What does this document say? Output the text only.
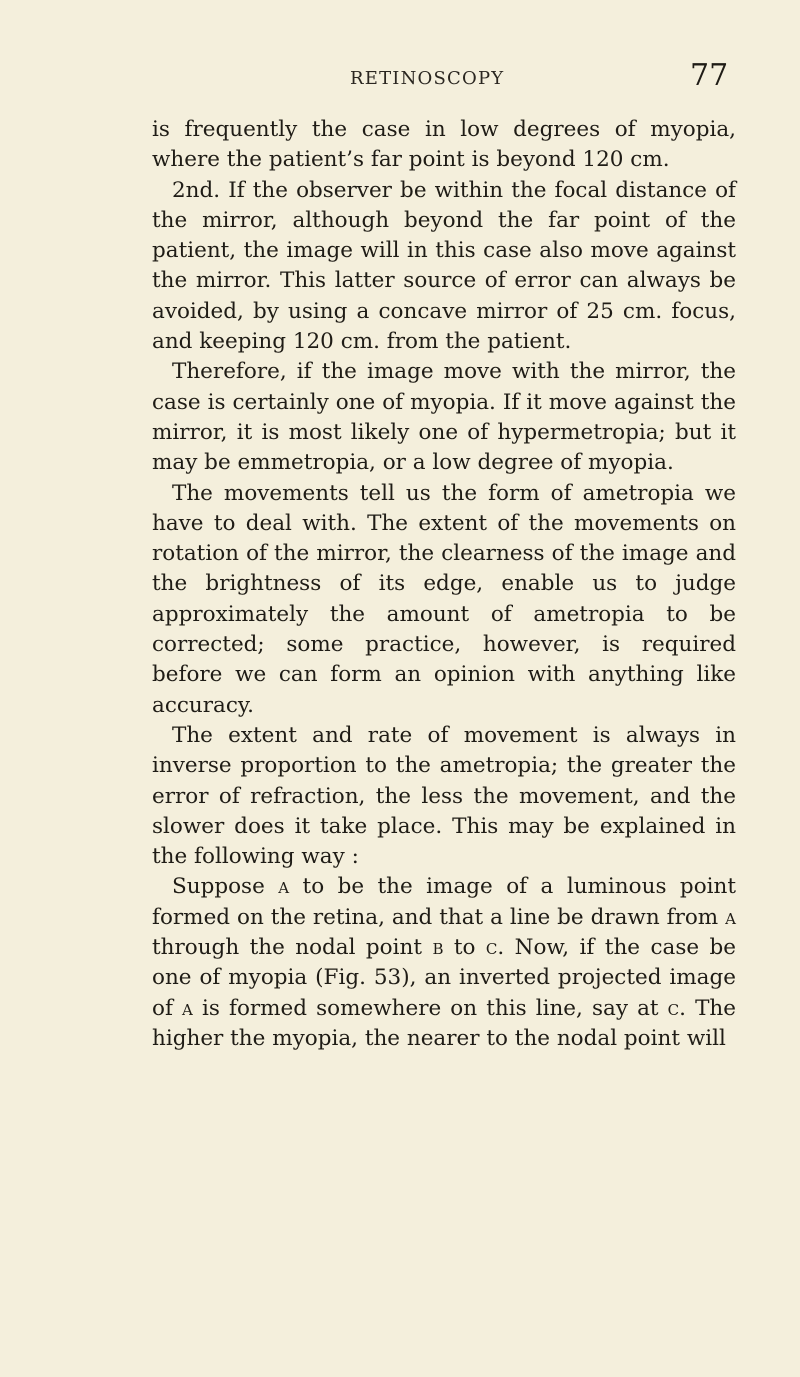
RETINOSCOPY	77

is frequently the case in low degrees of myopia, where the patient’s far point is beyond 120 cm.

2nd. If the observer be within the focal distance of the mirror, although beyond the far point of the patient, the image will in this case also move against the mirror. This latter source of error can always be avoided, by using a concave mirror of 25 cm. focus, and keeping 120 cm. from the patient.

Therefore, if the image move with the mirror, the case is certainly one of myopia. If it move against the mirror, it is most likely one of hypermetropia; but it may be emmetropia, or a low degree of myopia.

The movements tell us the form of ametropia we have to deal with. The extent of the movements on rotation of the mirror, the clearness of the image and the brightness of its edge, enable us to judge approximately the amount of ametropia to be corrected; some practice, however, is required before we can form an opinion with anything like accuracy.

The extent and rate of movement is always in inverse proportion to the ametropia; the greater the error of refraction, the less the movement, and the slower does it take place. This may be explained in the following way :

Suppose a to be the image of a luminous point formed on the retina, and that a line be drawn from a through the nodal point b to c. Now, if the case be one of myopia (Fig. 53), an inverted projected image of a is formed somewhere on this line, say at c. The higher the myopia, the nearer to the nodal point will
